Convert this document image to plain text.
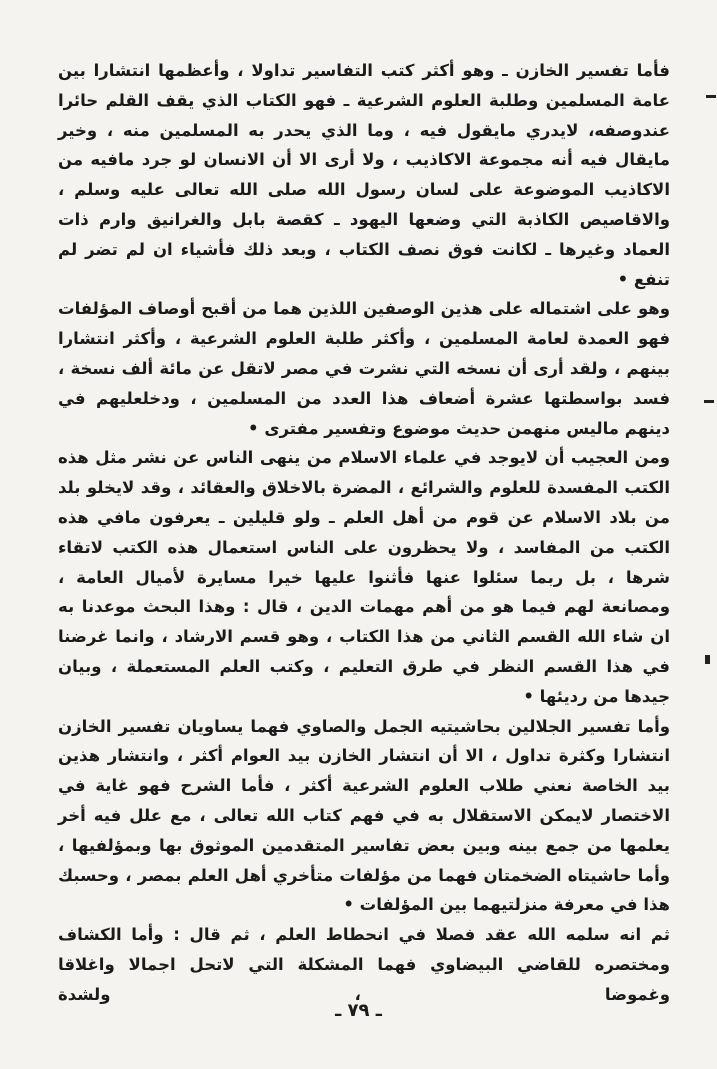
فأما تفسير الخازن ـ وهو أكثر كتب التفاسير تداولا ، وأعظمها انتشارا بين عامة المسلمين وطلبة العلوم الشرعية ـ فهو الكتاب الذي يقف القلم حائرا عندوصفه، لايدري مايقول فيه ، وما الذي يحدر به المسلمين منه ، وخير مايقال فيه أنه مجموعة الاكاذيب ، ولا أرى الا أن الانسان لو جرد مافيه من الاكاذيب الموضوعة على لسان رسول الله صلى الله تعالى عليه وسلم ، والاقاصيص الكاذبة التي وضعها اليهود ـ كقصة بابل والغرانيق وارم ذات العماد وغيرها ـ لكانت فوق نصف الكتاب ، وبعد ذلك فأشياء ان لم تضر لم تنفع •

وهو على اشتماله على هذين الوصفين اللذين هما من أقبح أوصاف المؤلفات فهو العمدة لعامة المسلمين ، وأكثر طلبة العلوم الشرعية ، وأكثر انتشارا بينهم ، ولقد أرى أن نسخه التي نشرت في مصر لاتقل عن مائة ألف نسخة ، فسد بواسطتها عشرة أضعاف هذا العدد من المسلمين ، ودخلعليهم في دينهم ماليس منهمن حديث موضوع وتفسير مفترى •

ومن العجيب أن لايوجد في علماء الاسلام من ينهى الناس عن نشر مثل هذه الكتب المفسدة للعلوم والشرائع ، المضرة بالاخلاق والعقائد ، وقد لايخلو بلد من بلاد الاسلام عن قوم من أهل العلم ـ ولو قليلين ـ يعرفون مافي هذه الكتب من المفاسد ، ولا يحظرون على الناس استعمال هذه الكتب لاتقاء شرها ، بل ربما سئلوا عنها فأثنوا عليها خيرا مسايرة لأميال العامة ، ومصانعة لهم فيما هو من أهم مهمات الدين ، قال : وهذا البحث موعدنا به ان شاء الله القسم الثاني من هذا الكتاب ، وهو قسم الارشاد ، وانما غرضنا في هذا القسم النظر في طرق التعليم ، وكتب العلم المستعملة ، وبيان جيدها من رديئها •

وأما تفسير الجلالين بحاشيتيه الجمل والصاوي فهما يساويان تفسير الخازن انتشارا وكثرة تداول ، الا أن انتشار الخازن بيد العوام أكثر ، وانتشار هذين بيد الخاصة نعني طلاب العلوم الشرعية أكثر ، فأما الشرح فهو غاية في الاختصار لايمكن الاستقلال به في فهم كتاب الله تعالى ، مع علل فيه أخر يعلمها من جمع بينه وبين بعض تفاسير المتقدمين الموثوق بها وبمؤلفيها ، وأما حاشيتاه الضخمتان فهما من مؤلفات متأخري أهل العلم بمصر ، وحسبك هذا في معرفة منزلتيهما بين المؤلفات •

ثم انه سلمه الله عقد فصلا في انحطاط العلم ، ثم قال : وأما الكشاف ومختصره للقاضي البيضاوي فهما المشكلة التي لاتحل اجمالا واغلاقا وغموضا ، ولشدة

ـ ٧٩ ـ
